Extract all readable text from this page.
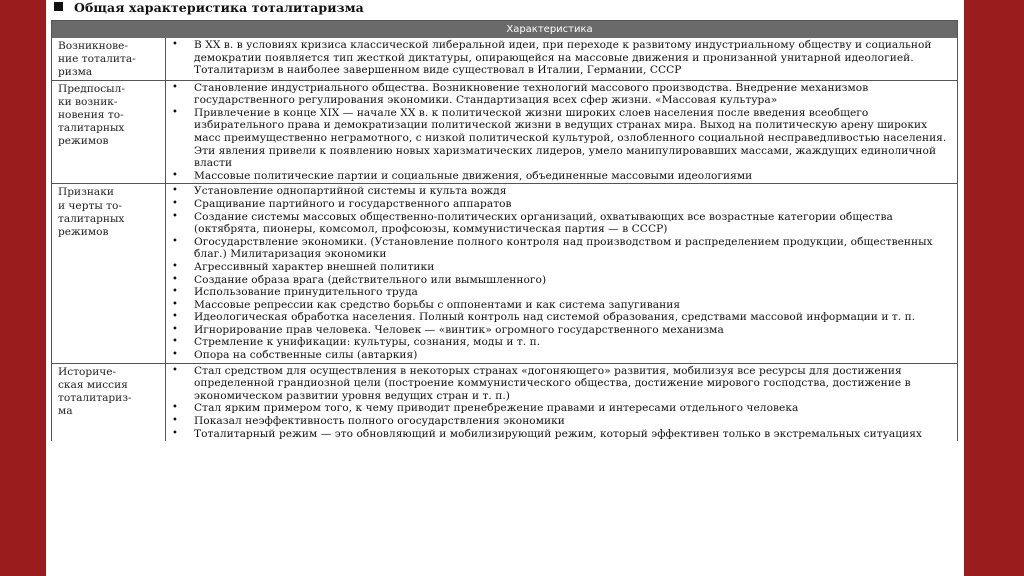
Общая характеристика тоталитаризма
Характеристика
Возникнове-
ние тоталита-
ризма
•	В XX в. в условиях кризиса классической либеральной идеи, при переходе к развитому индустриальному обществу и социальной демократии появляется тип жесткой диктатуры, опирающейся на массовые движения и пронизанной унитарной идеологией. Тоталитаризм в наиболее завершенном виде существовал в Италии, Германии, СССР
Предпосыл-
ки возник-
новения то-
талитарных
режимов
•	Становление индустриального общества. Возникновение технологий массового производства. Внедрение механизмов государственного регулирования экономики. Стандартизация всех сфер жизни. «Массовая культура»
•	Привлечение в конце XIX — начале XX в. к политической жизни широких слоев населения после введения всеобщего избирательного права и демократизации политической жизни в ведущих странах мира. Выход на политическую арену широких масс преимущественно неграмотного, с низкой политической культурой, озлобленного социальной несправедливостью населения. Эти явления привели к появлению новых харизматических лидеров, умело манипулировавших массами, жаждущих единоличной власти
•	Массовые политические партии и социальные движения, объединенные массовыми идеологиями
Признаки
и черты то-
талитарных
режимов
•	Установление однопартийной системы и культа вождя
•	Сращивание партийного и государственного аппаратов
•	Создание системы массовых общественно-политических организаций, охватывающих все возрастные категории общества (октябрята, пионеры, комсомол, профсоюзы, коммунистическая партия — в СССР)
•	Огосударствление экономики. (Установление полного контроля над производством и распределением продукции, общественных благ.) Милитаризация экономики
•	Агрессивный характер внешней политики
•	Создание образа врага (действительного или вымышленного)
•	Использование принудительного труда
•	Массовые репрессии как средство борьбы с оппонентами и как система запугивания
•	Идеологическая обработка населения. Полный контроль над системой образования, средствами массовой информации и т. п.
•	Игнорирование прав человека. Человек — «винтик» огромного государственного механизма
•	Стремление к унификации: культуры, сознания, моды и т. п.
•	Опора на собственные силы (автаркия)
Историче-
ская миссия
тоталитариз-
ма
•	Стал средством для осуществления в некоторых странах «догоняющего» развития, мобилизуя все ресурсы для достижения определенной грандиозной цели (построение коммунистического общества, достижение мирового господства, достижение в экономическом развитии уровня ведущих стран и т. п.)
•	Стал ярким примером того, к чему приводит пренебрежение правами и интересами отдельного человека
•	Показал неэффективность полного огосударствления экономики
•	Тоталитарный режим — это обновляющий и мобилизирующий режим, который эффективен только в экстремальных ситуациях
